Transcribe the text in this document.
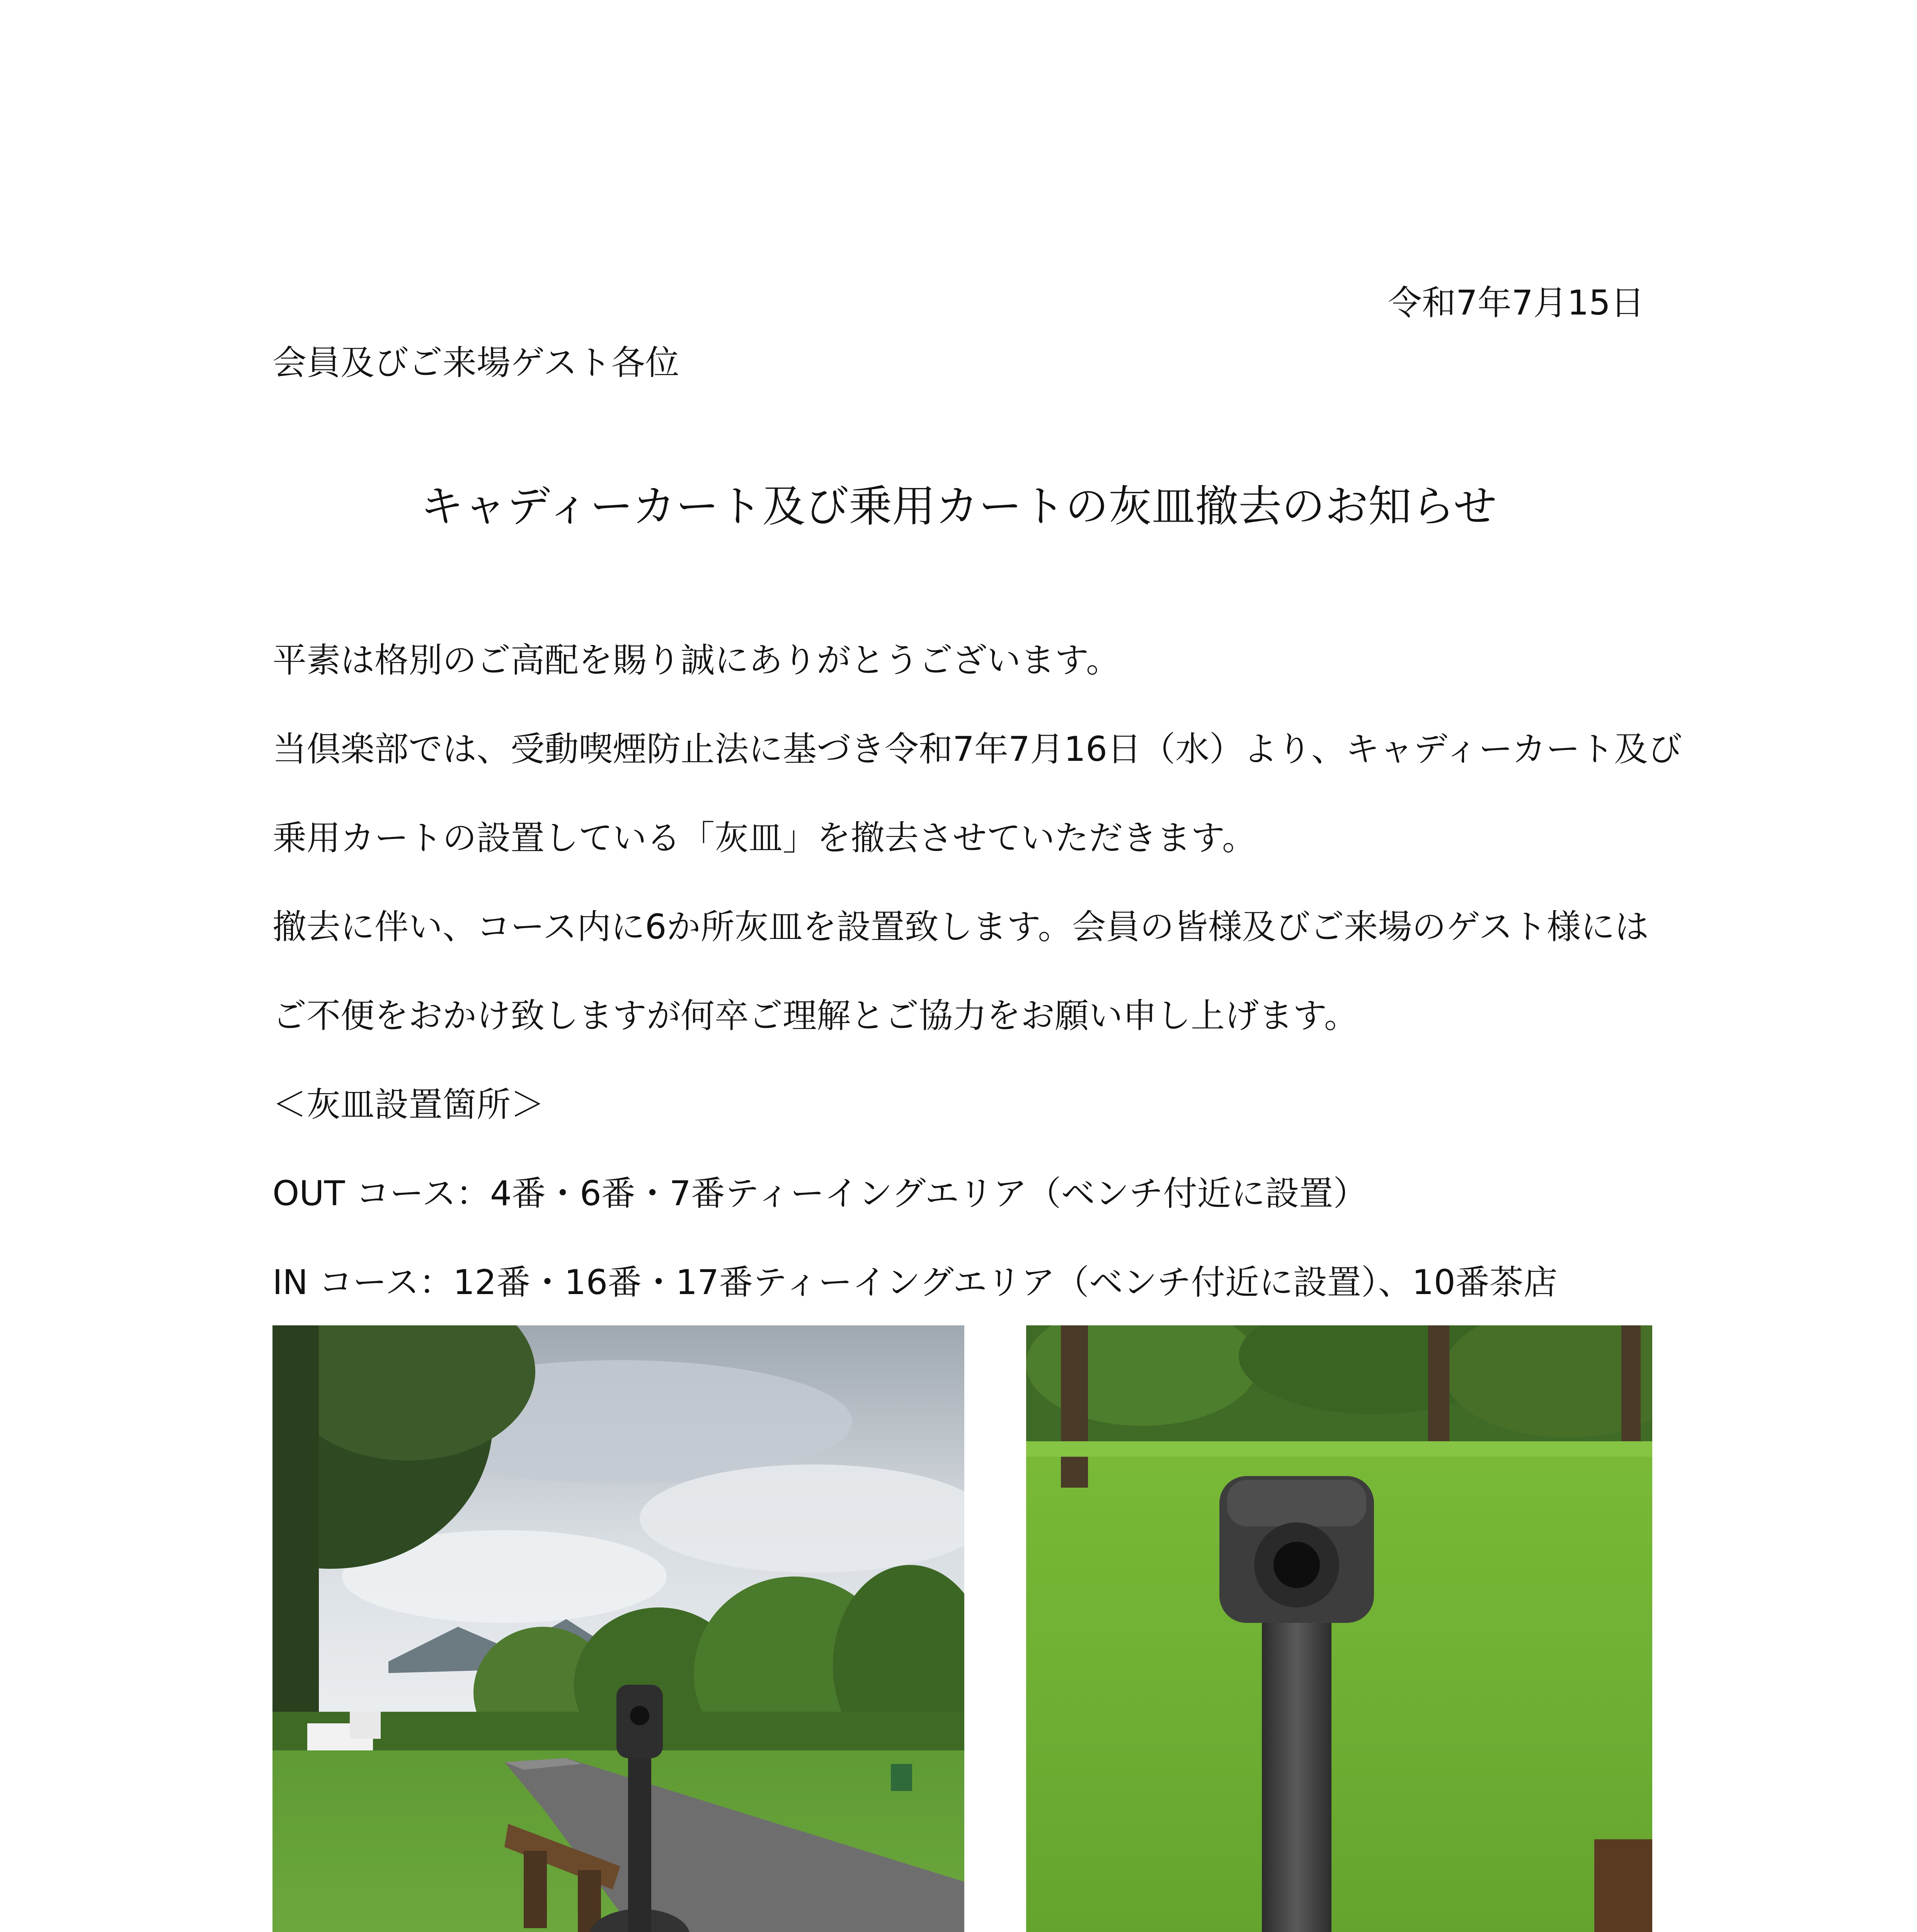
令和7年7月15日
会員及びご来場ゲスト各位
キャディーカート及び乗用カートの灰皿撤去のお知らせ
平素は格別のご高配を賜り誠にありがとうございます。
当倶楽部では、受動喫煙防止法に基づき令和7年7月16日（水）より、キャディーカート及び
乗用カートの設置している「灰皿」を撤去させていただきます。
撤去に伴い、コース内に6か所灰皿を設置致します。会員の皆様及びご来場のゲスト様には
ご不便をおかけ致しますが何卒ご理解とご協力をお願い申し上げます。
＜灰皿設置箇所＞
OUT コース：4番・6番・7番ティーイングエリア（ベンチ付近に設置）
IN コース：12番・16番・17番ティーイングエリア（ベンチ付近に設置）、10番茶店
